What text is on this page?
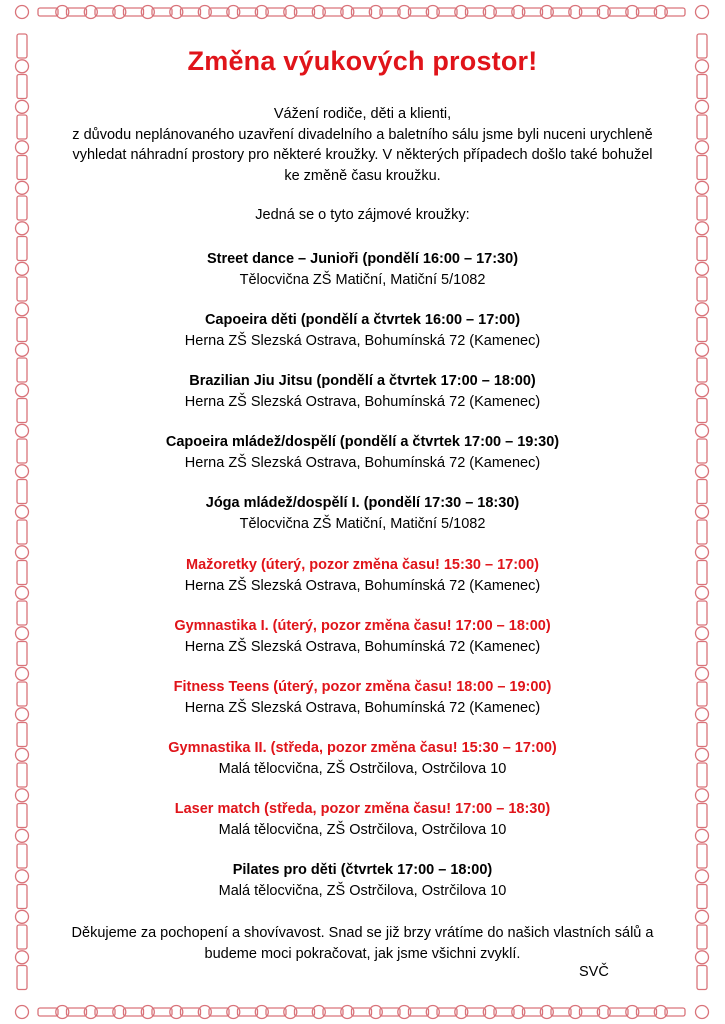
Změna výukových prostor!
Vážení rodiče, děti a klienti,
z důvodu neplánovaného uzavření divadelního a baletního sálu jsme byli nuceni urychleně
vyhledat náhradní prostory pro některé kroužky. V některých případech došlo také bohužel
ke změně času kroužku.
Jedná se o tyto zájmové kroužky:
Street dance – Junioři (pondělí 16:00 – 17:30)
Tělocvična ZŠ Matiční, Matiční 5/1082
Capoeira děti (pondělí a čtvrtek 16:00 – 17:00)
Herna ZŠ Slezská Ostrava, Bohumínská 72 (Kamenec)
Brazilian Jiu Jitsu (pondělí a čtvrtek 17:00 – 18:00)
Herna ZŠ Slezská Ostrava, Bohumínská 72 (Kamenec)
Capoeira mládež/dospělí (pondělí a čtvrtek 17:00 – 19:30)
Herna ZŠ Slezská Ostrava, Bohumínská 72 (Kamenec)
Jóga mládež/dospělí I. (pondělí 17:30 – 18:30)
Tělocvična ZŠ Matiční, Matiční 5/1082
Mažoretky (úterý, pozor změna času! 15:30 – 17:00)
Herna ZŠ Slezská Ostrava, Bohumínská 72 (Kamenec)
Gymnastika I. (úterý, pozor změna času! 17:00 – 18:00)
Herna ZŠ Slezská Ostrava, Bohumínská 72 (Kamenec)
Fitness Teens (úterý, pozor změna času! 18:00 – 19:00)
Herna ZŠ Slezská Ostrava, Bohumínská 72 (Kamenec)
Gymnastika II. (středa, pozor změna času! 15:30 – 17:00)
Malá tělocvična, ZŠ Ostrčilova, Ostrčilova 10
Laser match (středa, pozor změna času! 17:00 – 18:30)
Malá tělocvična, ZŠ Ostrčilova, Ostrčilova 10
Pilates pro děti (čtvrtek 17:00 – 18:00)
Malá tělocvična, ZŠ Ostrčilova, Ostrčilova 10
Děkujeme za pochopení a shovívavost. Snad se již brzy vrátíme do našich vlastních sálů a
budeme moci pokračovat, jak jsme všichni zvyklí.
SVČ
